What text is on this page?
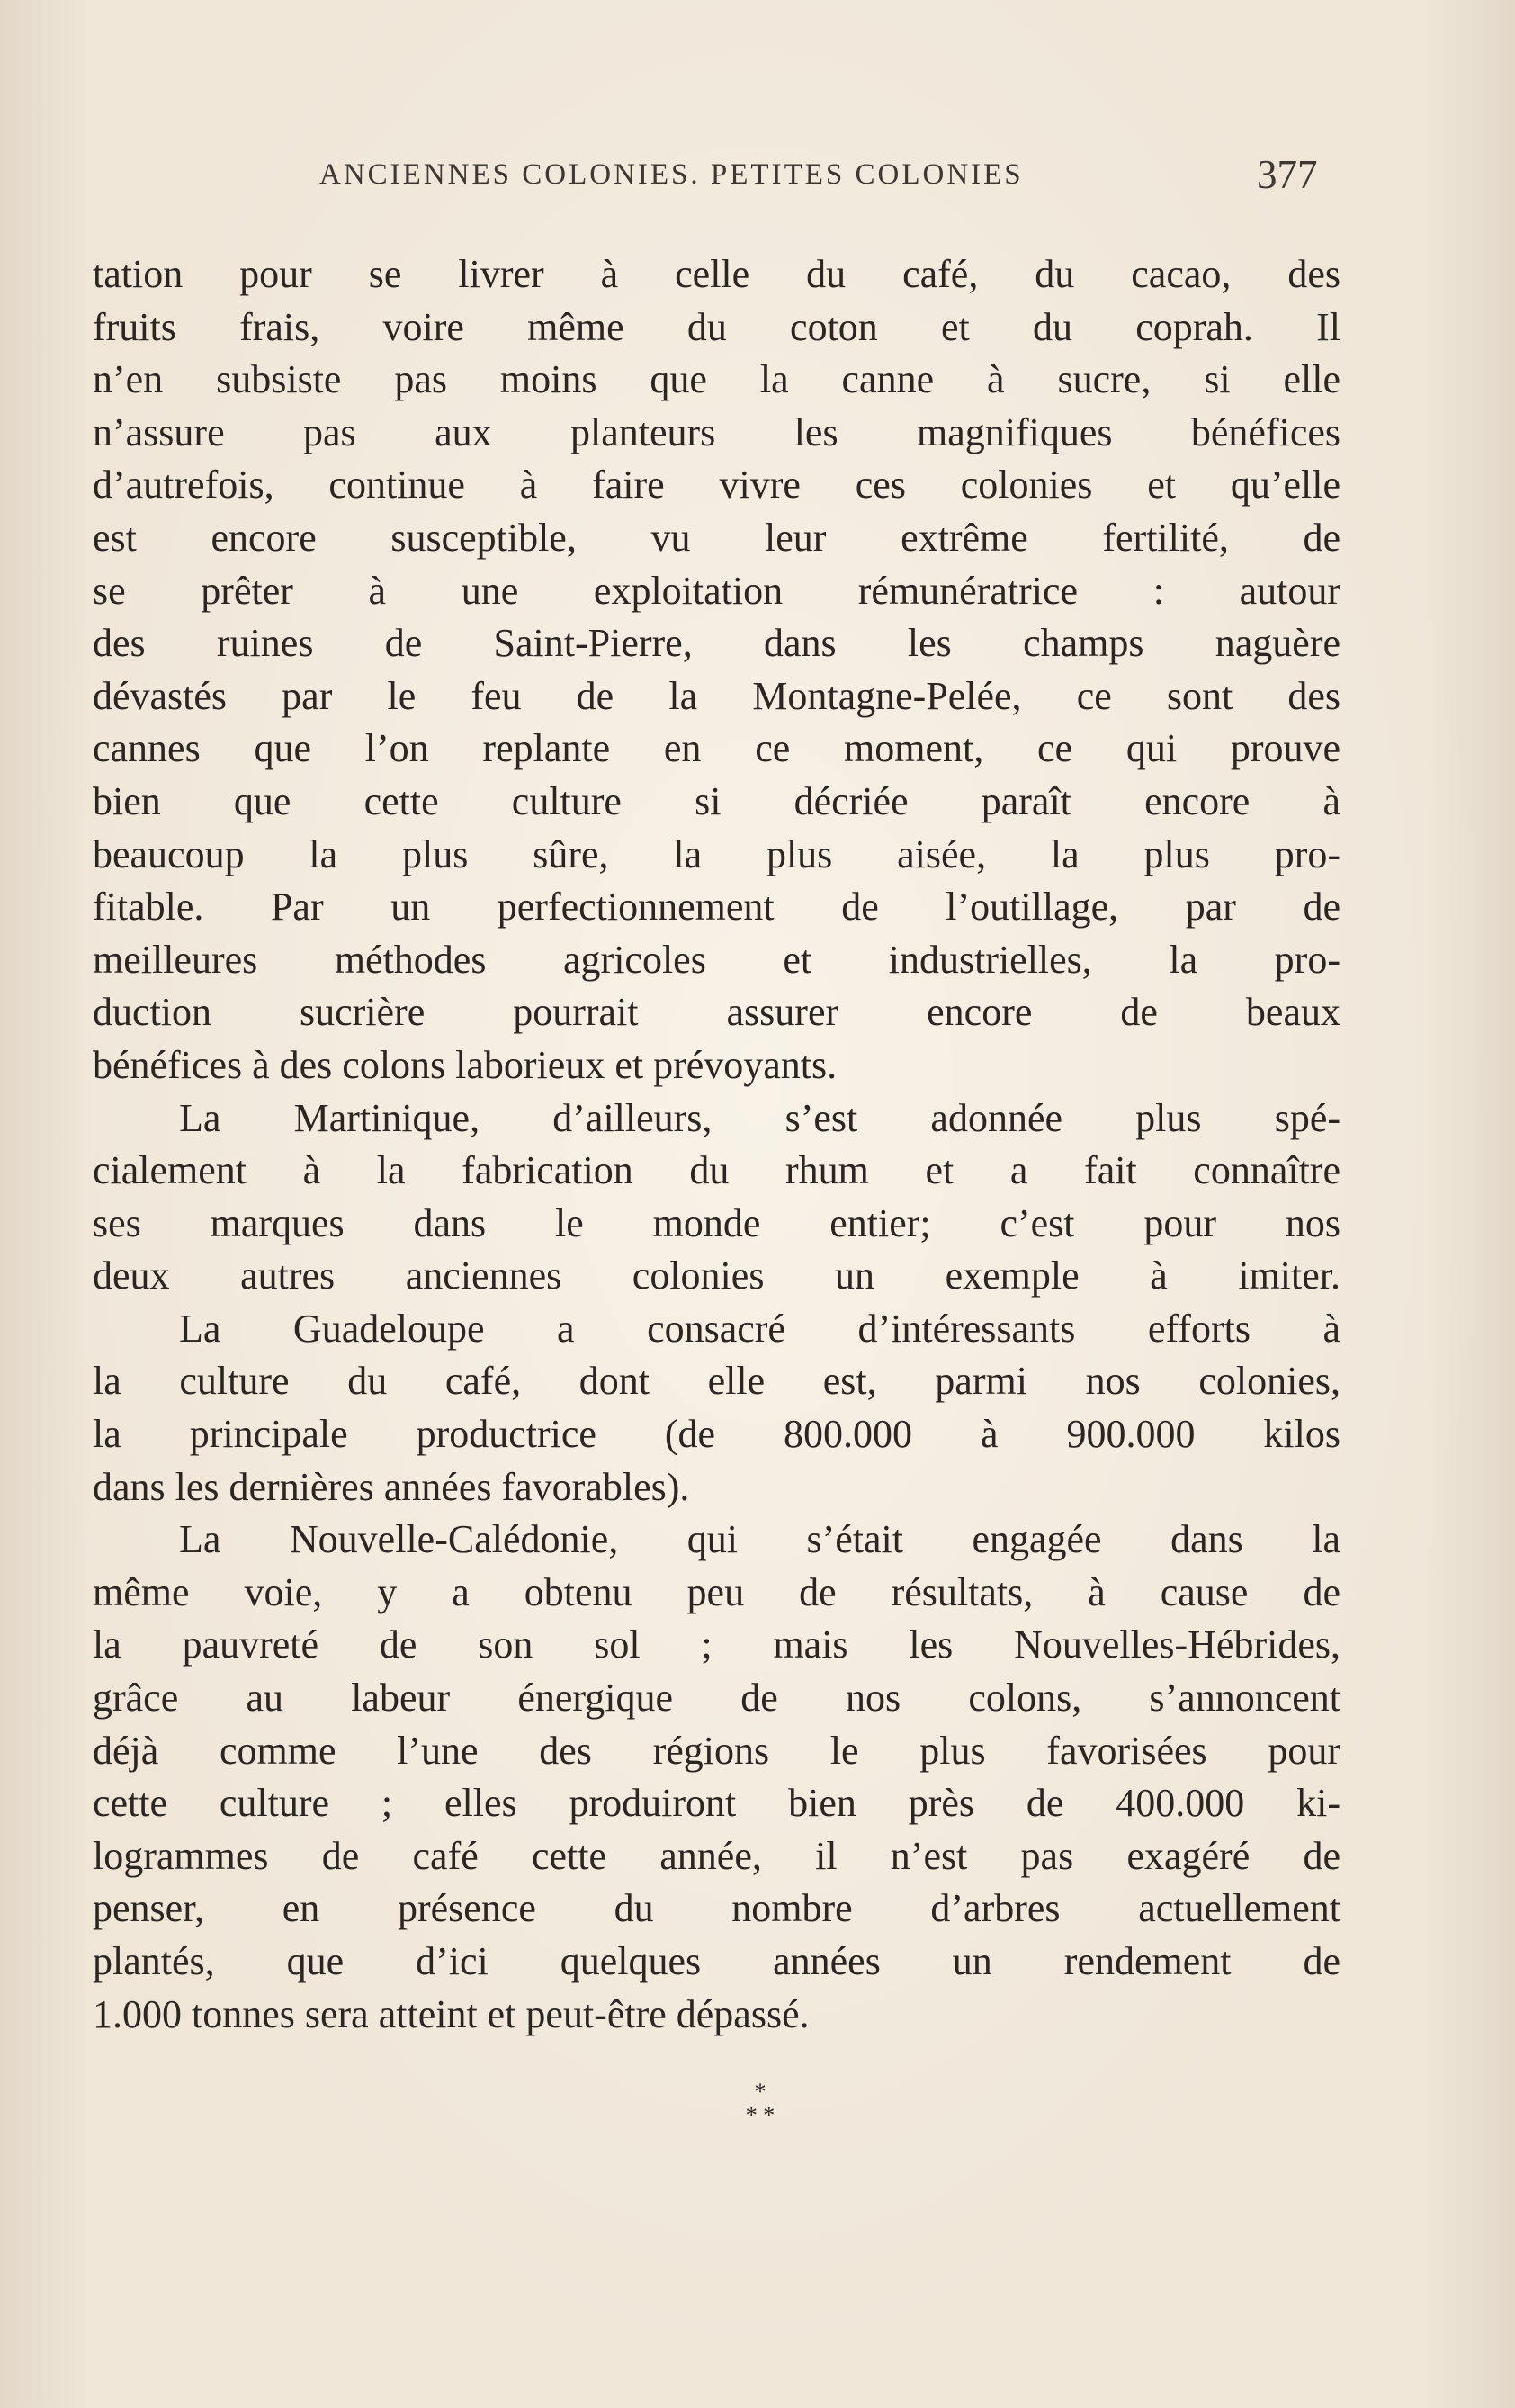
ANCIENNES COLONIES. PETITES COLONIES	377
tation pour se livrer à celle du café, du cacao, des
fruits frais, voire même du coton et du coprah. Il
n’en subsiste pas moins que la canne à sucre, si elle
n’assure pas aux planteurs les magnifiques bénéfices
d’autrefois, continue à faire vivre ces colonies et qu’elle
est encore susceptible, vu leur extrême fertilité, de
se prêter à une exploitation rémunératrice : autour
des ruines de Saint-Pierre, dans les champs naguère
dévastés par le feu de la Montagne-Pelée, ce sont des
cannes que l’on replante en ce moment, ce qui prouve
bien que cette culture si décriée paraît encore à
beaucoup la plus sûre, la plus aisée, la plus pro-
fitable. Par un perfectionnement de l’outillage, par de
meilleures méthodes agricoles et industrielles, la pro-
duction sucrière pourrait assurer encore de beaux
bénéfices à des colons laborieux et prévoyants.
La Martinique, d’ailleurs, s’est adonnée plus spé-
cialement à la fabrication du rhum et a fait connaître
ses marques dans le monde entier; c’est pour nos
deux autres anciennes colonies un exemple à imiter.
La Guadeloupe a consacré d’intéressants efforts à
la culture du café, dont elle est, parmi nos colonies,
la principale productrice (de 800.000 à 900.000 kilos
dans les dernières années favorables).
La Nouvelle-Calédonie, qui s’était engagée dans la
même voie, y a obtenu peu de résultats, à cause de
la pauvreté de son sol ; mais les Nouvelles-Hébrides,
grâce au labeur énergique de nos colons, s’annoncent
déjà comme l’une des régions le plus favorisées pour
cette culture ; elles produiront bien près de 400.000 ki-
logrammes de café cette année, il n’est pas exagéré de
penser, en présence du nombre d’arbres actuellement
plantés, que d’ici quelques années un rendement de
1.000 tonnes sera atteint et peut-être dépassé.
*
* *
